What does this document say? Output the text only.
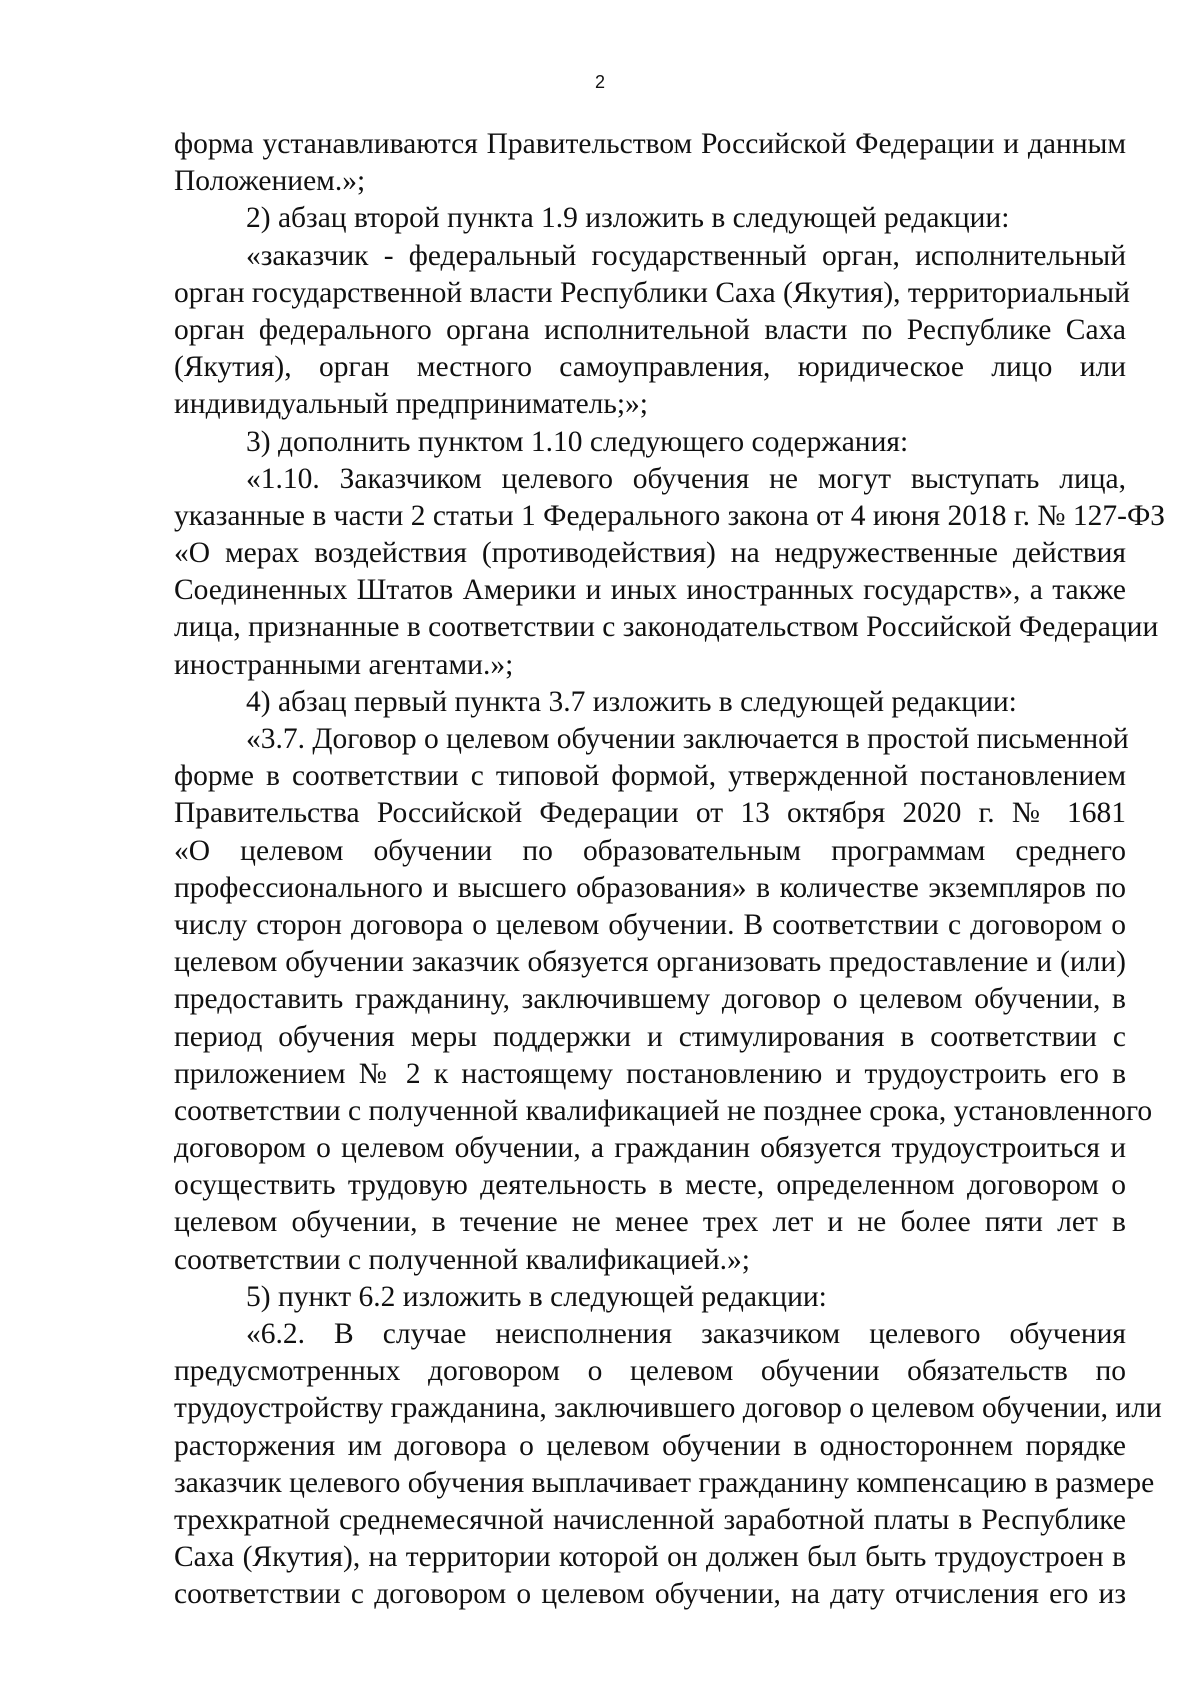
2
форма устанавливаются Правительством Российской Федерации и данным
Положением.»;
2) абзац второй пункта 1.9 изложить в следующей редакции:
«заказчик - федеральный государственный орган, исполнительный
орган государственной власти Республики Саха (Якутия), территориальный
орган федерального органа исполнительной власти по Республике Саха
(Якутия), орган местного самоуправления, юридическое лицо или
индивидуальный предприниматель;»;
3) дополнить пунктом 1.10 следующего содержания:
«1.10. Заказчиком целевого обучения не могут выступать лица,
указанные в части 2 статьи 1 Федерального закона от 4 июня 2018 г. № 127-ФЗ
«О мерах воздействия (противодействия) на недружественные действия
Соединенных Штатов Америки и иных иностранных государств», а также
лица, признанные в соответствии с законодательством Российской Федерации
иностранными агентами.»;
4) абзац первый пункта 3.7 изложить в следующей редакции:
«3.7. Договор о целевом обучении заключается в простой письменной
форме в соответствии с типовой формой, утвержденной постановлением
Правительства Российской Федерации от 13 октября 2020 г. № 1681
«О целевом обучении по образовательным программам среднего
профессионального и высшего образования» в количестве экземпляров по
числу сторон договора о целевом обучении. В соответствии с договором о
целевом обучении заказчик обязуется организовать предоставление и (или)
предоставить гражданину, заключившему договор о целевом обучении, в
период обучения меры поддержки и стимулирования в соответствии с
приложением № 2 к настоящему постановлению и трудоустроить его в
соответствии с полученной квалификацией не позднее срока, установленного
договором о целевом обучении, а гражданин обязуется трудоустроиться и
осуществить трудовую деятельность в месте, определенном договором о
целевом обучении, в течение не менее трех лет и не более пяти лет в
соответствии с полученной квалификацией.»;
5) пункт 6.2 изложить в следующей редакции:
«6.2. В случае неисполнения заказчиком целевого обучения
предусмотренных договором о целевом обучении обязательств по
трудоустройству гражданина, заключившего договор о целевом обучении, или
расторжения им договора о целевом обучении в одностороннем порядке
заказчик целевого обучения выплачивает гражданину компенсацию в размере
трехкратной среднемесячной начисленной заработной платы в Республике
Саха (Якутия), на территории которой он должен был быть трудоустроен в
соответствии с договором о целевом обучении, на дату отчисления его из
